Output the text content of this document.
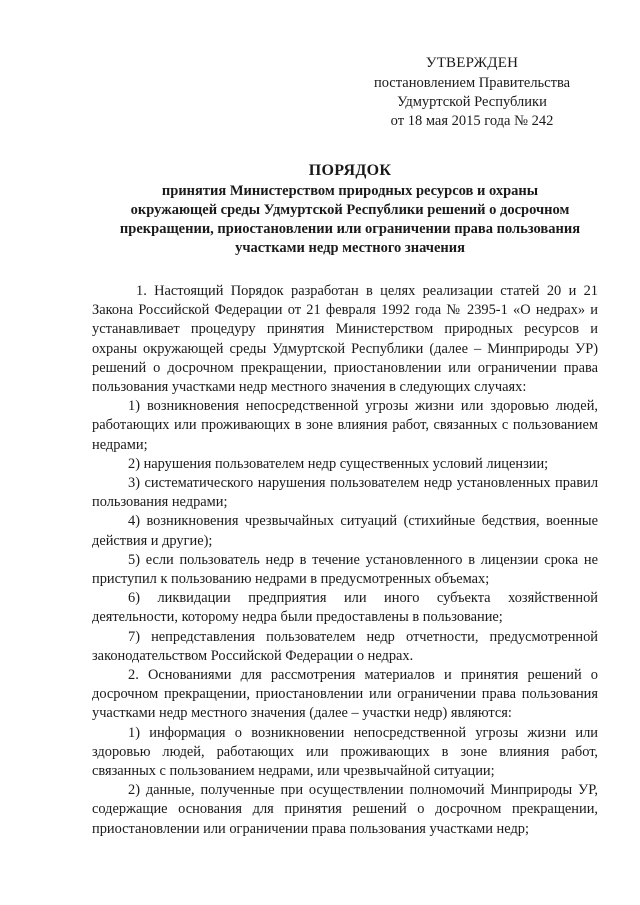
УТВЕРЖДЕН
постановлением Правительства
Удмуртской Республики
от 18 мая 2015 года № 242
ПОРЯДОК
принятия Министерством природных ресурсов и охраны
окружающей среды Удмуртской Республики решений о досрочном
прекращении, приостановлении или ограничении права пользования
участками недр местного значения

1. Настоящий Порядок разработан в целях реализации статей 20 и 21 Закона Российской Федерации от 21 февраля 1992 года № 2395-1 «О недрах» и устанавливает процедуру принятия Министерством природных ресурсов и охраны окружающей среды Удмуртской Республики (далее – Минприроды УР) решений о досрочном прекращении, приостановлении или ограничении права пользования участками недр местного значения в следующих случаях:

1) возникновения непосредственной угрозы жизни или здоровью людей, работающих или проживающих в зоне влияния работ, связанных с пользованием недрами;

2) нарушения пользователем недр существенных условий лицензии;

3) систематического нарушения пользователем недр установленных правил пользования недрами;

4) возникновения чрезвычайных ситуаций (стихийные бедствия, военные действия и другие);

5) если пользователь недр в течение установленного в лицензии срока не приступил к пользованию недрами в предусмотренных объемах;

6) ликвидации предприятия или иного субъекта хозяйственной деятельности, которому недра были предоставлены в пользование;

7) непредставления пользователем недр отчетности, предусмотренной законодательством Российской Федерации о недрах.

2. Основаниями для рассмотрения материалов и принятия решений о досрочном прекращении, приостановлении или ограничении права пользования участками недр местного значения (далее – участки недр) являются:

1) информация о возникновении непосредственной угрозы жизни или здоровью людей, работающих или проживающих в зоне влияния работ, связанных с пользованием недрами, или чрезвычайной ситуации;

2) данные, полученные при осуществлении полномочий Минприроды УР, содержащие основания для принятия решений о досрочном прекращении, приостановлении или ограничении права пользования участками недр;
